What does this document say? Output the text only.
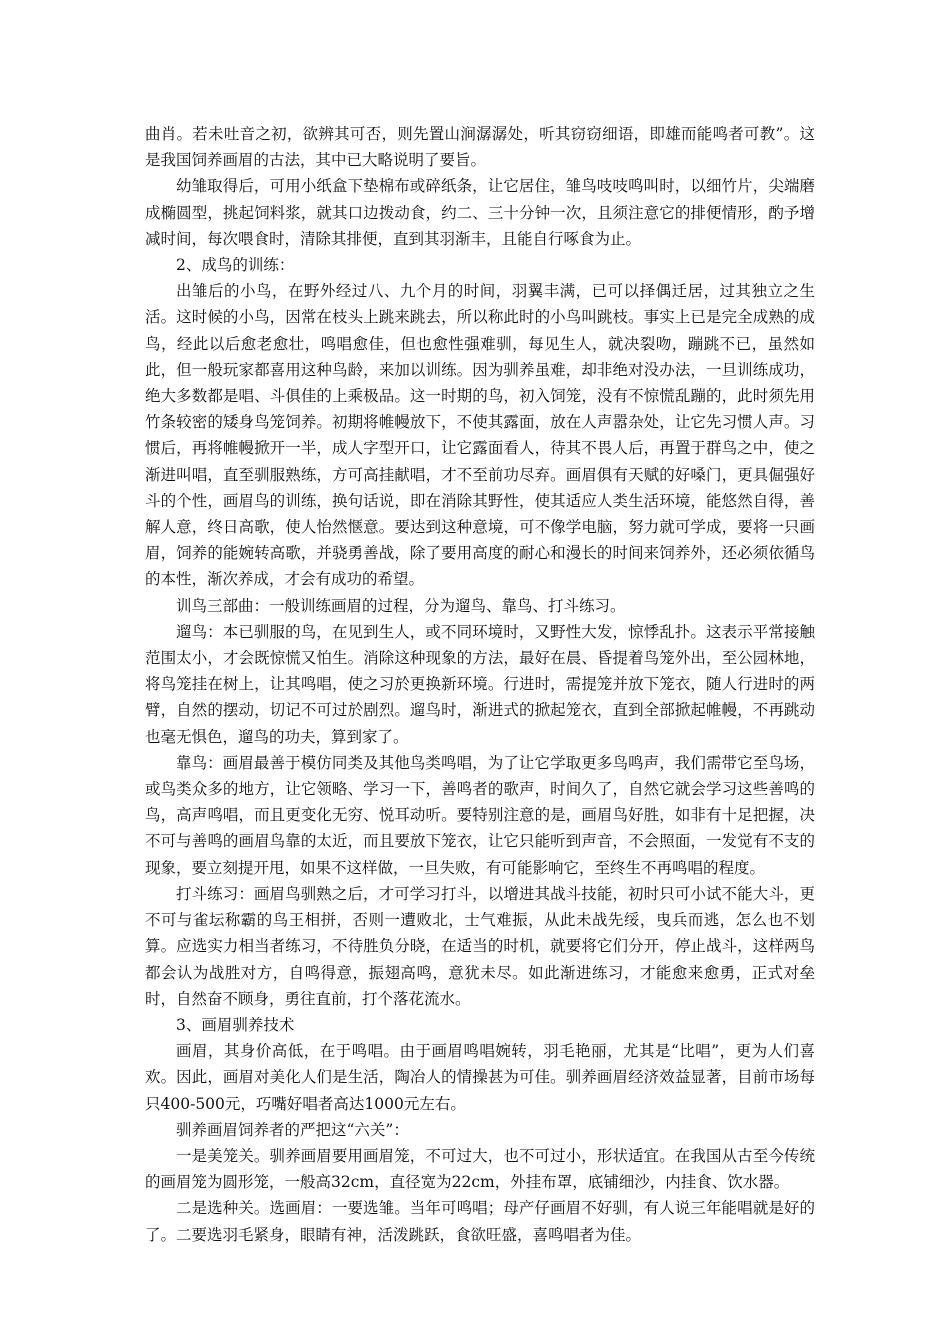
曲肖。若未吐音之初，欲辨其可否，则先置山涧潺潺处，听其窃窃细语，即雄而能鸣者可教”。这是我国饲养画眉的古法，其中已大略说明了要旨。

幼雏取得后，可用小纸盒下垫棉布或碎纸条，让它居住，雏鸟吱吱鸣叫时，以细竹片，尖端磨成椭圆型，挑起饲料浆，就其口边拨动食，约二、三十分钟一次，且须注意它的排便情形，酌予增减时间，每次喂食时，清除其排便，直到其羽渐丰，且能自行啄食为止。

2、成鸟的训练：

出雏后的小鸟，在野外经过八、九个月的时间，羽翼丰满，已可以择偶迁居，过其独立之生活。这时候的小鸟，因常在枝头上跳来跳去，所以称此时的小鸟叫跳枝。事实上已是完全成熟的成鸟，经此以后愈老愈壮，鸣唱愈佳，但也愈性强难驯，每见生人，就决裂吻，蹦跳不已，虽然如此，但一般玩家都喜用这种鸟龄，来加以训练。因为驯养虽难，却非绝对没办法，一旦训练成功，绝大多数都是唱、斗俱佳的上乘极品。这一时期的鸟，初入饲笼，没有不惊慌乱蹦的，此时须先用竹条较密的矮身鸟笼饲养。初期将帷幔放下，不使其露面，放在人声嚣杂处，让它先习惯人声。习惯后，再将帷幔掀开一半，成人字型开口，让它露面看人，待其不畏人后，再置于群鸟之中，使之渐进叫唱，直至驯服熟练，方可高挂献唱，才不至前功尽弃。画眉俱有天赋的好嗓门，更具倔强好斗的个性，画眉鸟的训练，换句话说，即在消除其野性，使其适应人类生活环境，能悠然自得，善解人意，终日高歌，使人怡然惬意。要达到这种意境，可不像学电脑，努力就可学成，要将一只画眉，饲养的能婉转高歌，并骁勇善战，除了要用高度的耐心和漫长的时间来饲养外，还必须依循鸟的本性，渐次养成，才会有成功的希望。

训鸟三部曲：一般训练画眉的过程，分为遛鸟、靠鸟、打斗练习。

遛鸟：本已驯服的鸟，在见到生人，或不同环境时，又野性大发，惊悸乱扑。这表示平常接触范围太小，才会既惊慌又怕生。消除这种现象的方法，最好在晨、昏提着鸟笼外出，至公园林地，将鸟笼挂在树上，让其鸣唱，使之习於更换新环境。行进时，需提笼并放下笼衣，随人行进时的两臂，自然的摆动，切记不可过於剧烈。遛鸟时，渐进式的掀起笼衣，直到全部掀起帷幔，不再跳动也毫无惧色，遛鸟的功夫，算到家了。

靠鸟：画眉最善于模仿同类及其他鸟类鸣唱，为了让它学取更多鸟鸣声，我们需带它至鸟场，或鸟类众多的地方，让它领略、学习一下，善鸣者的歌声，时间久了，自然它就会学习这些善鸣的鸟，高声鸣唱，而且更变化无穷、悦耳动听。要特别注意的是，画眉鸟好胜，如非有十足把握，决不可与善鸣的画眉鸟靠的太近，而且要放下笼衣，让它只能听到声音，不会照面，一发觉有不支的现象，要立刻提开甩，如果不这样做，一旦失败，有可能影响它，至终生不再鸣唱的程度。

打斗练习：画眉鸟驯熟之后，才可学习打斗，以增进其战斗技能，初时只可小试不能大斗，更不可与雀坛称霸的鸟王相拼，否则一遭败北，士气难振，从此未战先绥，曳兵而逃，怎么也不划算。应选实力相当者练习，不待胜负分晓，在适当的时机，就要将它们分开，停止战斗，这样两鸟都会认为战胜对方，自鸣得意，振翅高鸣，意犹未尽。如此渐进练习，才能愈来愈勇，正式对垒时，自然奋不顾身，勇往直前，打个落花流水。

3、画眉驯养技术

画眉，其身价高低，在于鸣唱。由于画眉鸣唱婉转，羽毛艳丽，尤其是“比唱”，更为人们喜欢。因此，画眉对美化人们是生活，陶冶人的情操甚为可佳。驯养画眉经济效益显著，目前市场每只400-500元，巧嘴好唱者高达1000元左右。

驯养画眉饲养者的严把这“六关”：

一是美笼关。驯养画眉要用画眉笼，不可过大，也不可过小，形状适宜。在我国从古至今传统的画眉笼为圆形笼，一般高32cm，直径宽为22cm，外挂布罩，底铺细沙，内挂食、饮水器。

二是选种关。选画眉：一要选雏。当年可鸣唱；母产仔画眉不好驯，有人说三年能唱就是好的了。二要选羽毛紧身，眼睛有神，活泼跳跃，食欲旺盛，喜鸣唱者为佳。
